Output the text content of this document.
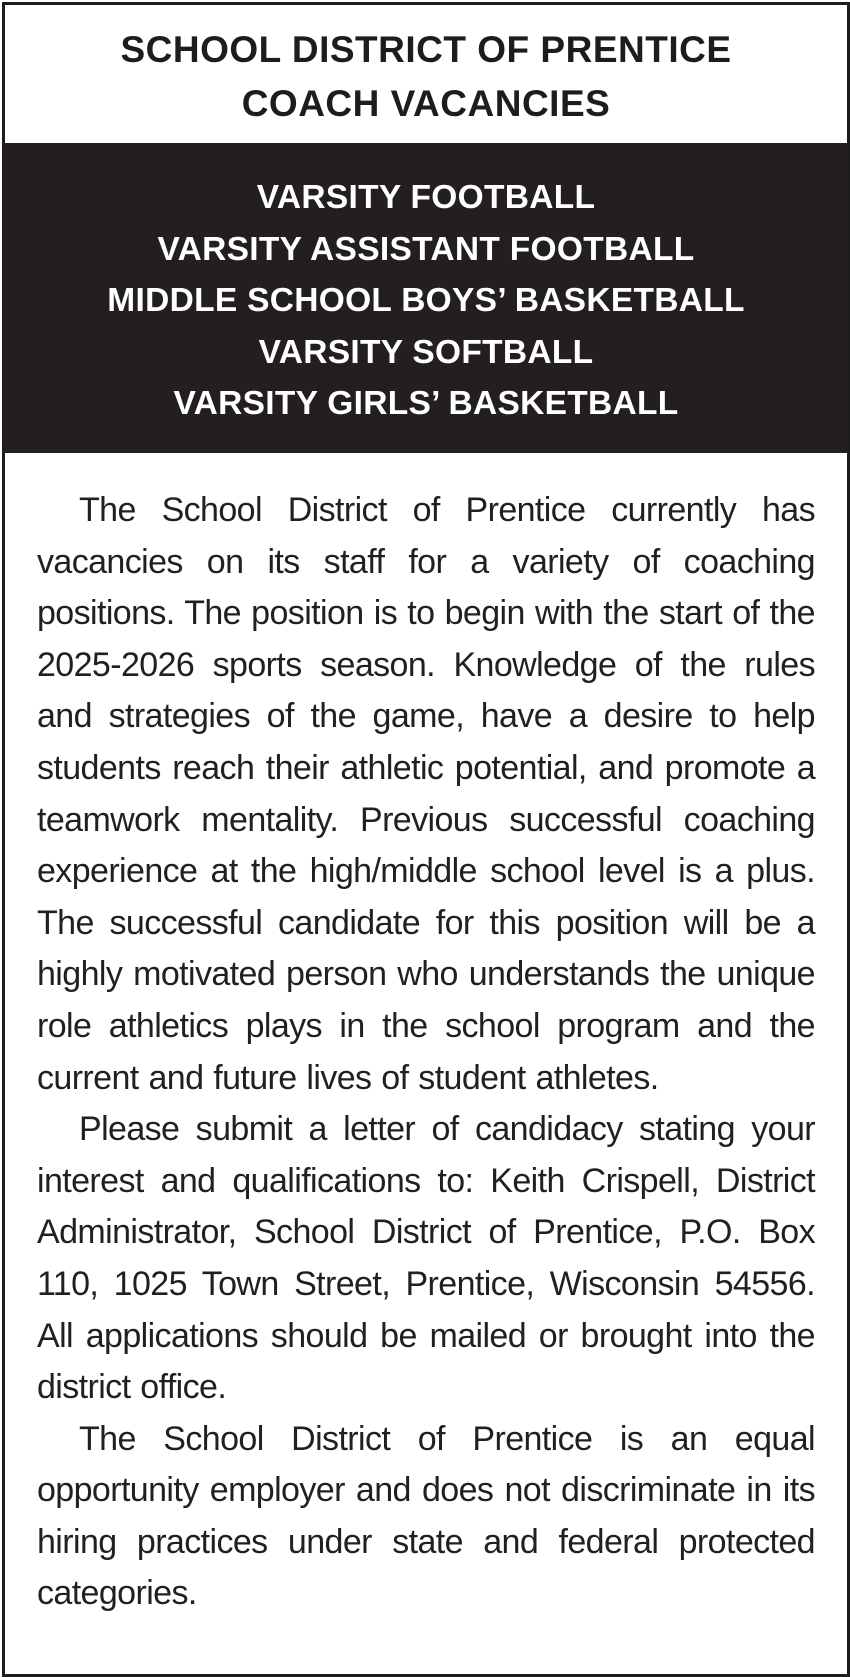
SCHOOL DISTRICT OF PRENTICE
COACH VACANCIES
VARSITY FOOTBALL
VARSITY ASSISTANT FOOTBALL
MIDDLE SCHOOL BOYS’ BASKETBALL
VARSITY SOFTBALL
VARSITY GIRLS’ BASKETBALL

The School District of Prentice currently has vacancies on its staff for a variety of coaching positions. The position is to begin with the start of the 2025-2026 sports season. Knowledge of the rules and strategies of the game, have a desire to help students reach their athletic potential, and promote a teamwork mentality. Previous successful coaching experience at the high/middle school level is a plus. The successful candidate for this position will be a highly motivated person who understands the unique role athletics plays in the school program and the current and future lives of student athletes.

Please submit a letter of candidacy stating your interest and qualifications to: Keith Crispell, District Administrator, School District of Prentice, P.O. Box 110, 1025 Town Street, Prentice, Wisconsin 54556. All applications should be mailed or brought into the district office.

The School District of Prentice is an equal opportunity employer and does not discriminate in its hiring practices under state and federal protected categories.
